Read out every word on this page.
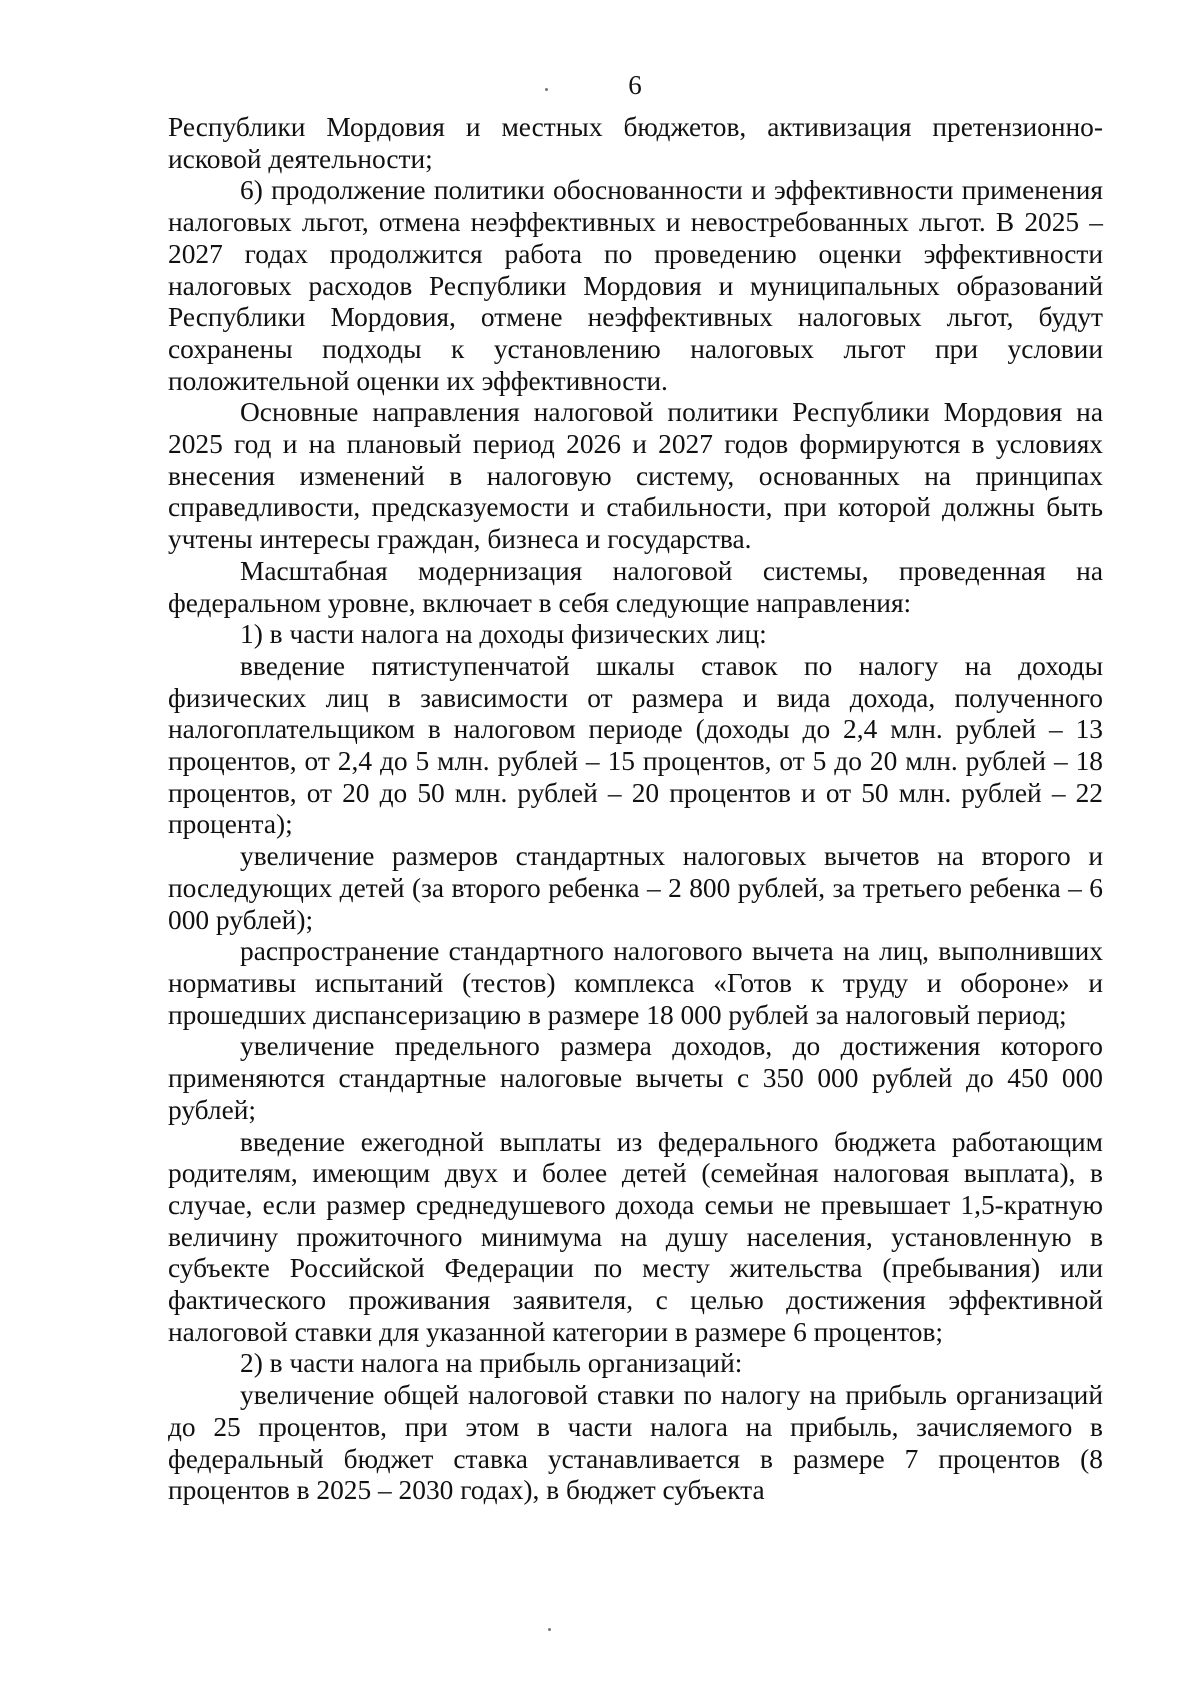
6

Республики Мордовия и местных бюджетов, активизация претензионно-исковой деятельности;

6) продолжение политики обоснованности и эффективности применения налоговых льгот, отмена неэффективных и невостребованных льгот. В 2025 – 2027 годах продолжится работа по проведению оценки эффективности налоговых расходов Республики Мордовия и муниципальных образований Республики Мордовия, отмене неэффективных налоговых льгот, будут сохранены подходы к установлению налоговых льгот при условии положительной оценки их эффективности.

Основные направления налоговой политики Республики Мордовия на 2025 год и на плановый период 2026 и 2027 годов формируются в условиях внесения изменений в налоговую систему, основанных на принципах справедливости, предсказуемости и стабильности, при которой должны быть учтены интересы граждан, бизнеса и государства.

Масштабная модернизация налоговой системы, проведенная на федеральном уровне, включает в себя следующие направления:

1) в части налога на доходы физических лиц:

введение пятиступенчатой шкалы ставок по налогу на доходы физических лиц в зависимости от размера и вида дохода, полученного налогоплательщиком в налоговом периоде (доходы до 2,4 млн. рублей – 13 процентов, от 2,4 до 5 млн. рублей – 15 процентов, от 5 до 20 млн. рублей – 18 процентов, от 20 до 50 млн. рублей – 20 процентов и от 50 млн. рублей – 22 процента);

увеличение размеров стандартных налоговых вычетов на второго и последующих детей (за второго ребенка – 2 800 рублей, за третьего ребенка – 6 000 рублей);

распространение стандартного налогового вычета на лиц, выполнивших нормативы испытаний (тестов) комплекса «Готов к труду и обороне» и прошедших диспансеризацию в размере 18 000 рублей за налоговый период;

увеличение предельного размера доходов, до достижения которого применяются стандартные налоговые вычеты с 350 000 рублей до 450 000 рублей;

введение ежегодной выплаты из федерального бюджета работающим родителям, имеющим двух и более детей (семейная налоговая выплата), в случае, если размер среднедушевого дохода семьи не превышает 1,5-кратную величину прожиточного минимума на душу населения, установленную в субъекте Российской Федерации по месту жительства (пребывания) или фактического проживания заявителя, с целью достижения эффективной налоговой ставки для указанной категории в размере 6 процентов;

2) в части налога на прибыль организаций:

увеличение общей налоговой ставки по налогу на прибыль организаций до 25 процентов, при этом в части налога на прибыль, зачисляемого в федеральный бюджет ставка устанавливается в размере 7 процентов (8 процентов в 2025 – 2030 годах), в бюджет субъекта
